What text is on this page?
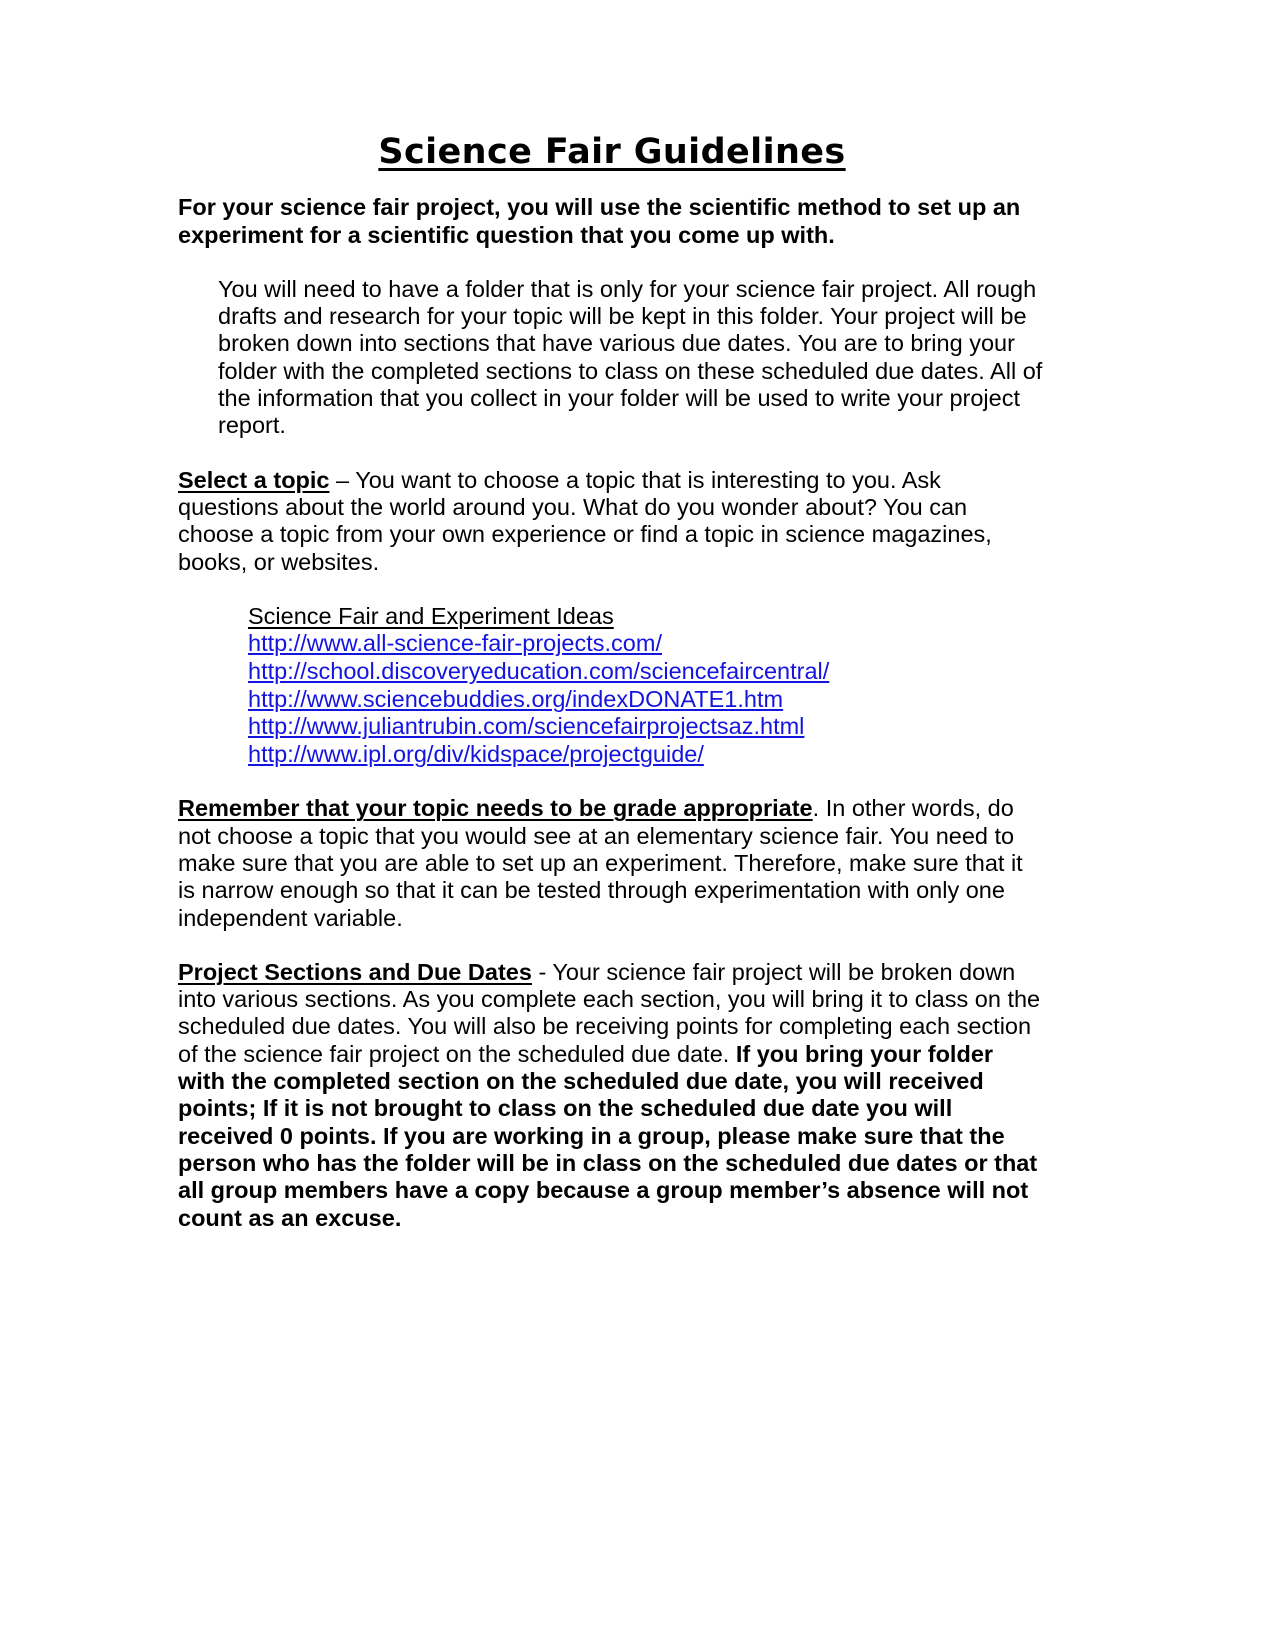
Science Fair Guidelines

For your science fair project, you will use the scientific method to set up an experiment for a scientific question that you come up with.

You will need to have a folder that is only for your science fair project. All rough drafts and research for your topic will be kept in this folder. Your project will be broken down into sections that have various due dates. You are to bring your folder with the completed sections to class on these scheduled due dates. All of the information that you collect in your folder will be used to write your project report.

Select a topic – You want to choose a topic that is interesting to you. Ask questions about the world around you. What do you wonder about? You can choose a topic from your own experience or find a topic in science magazines, books, or websites.

Science Fair and Experiment Ideas

http://www.all-science-fair-projects.com/

http://school.discoveryeducation.com/sciencefaircentral/

http://www.sciencebuddies.org/indexDONATE1.htm

http://www.juliantrubin.com/sciencefairprojectsaz.html

http://www.ipl.org/div/kidspace/projectguide/

Remember that your topic needs to be grade appropriate. In other words, do not choose a topic that you would see at an elementary science fair. You need to make sure that you are able to set up an experiment. Therefore, make sure that it is narrow enough so that it can be tested through experimentation with only one independent variable.

Project Sections and Due Dates - Your science fair project will be broken down into various sections. As you complete each section, you will bring it to class on the scheduled due dates. You will also be receiving points for completing each section of the science fair project on the scheduled due date. If you bring your folder with the completed section on the scheduled due date, you will received points; If it is not brought to class on the scheduled due date you will received 0 points. If you are working in a group, please make sure that the person who has the folder will be in class on the scheduled due dates or that all group members have a copy because a group member’s absence will not count as an excuse.
